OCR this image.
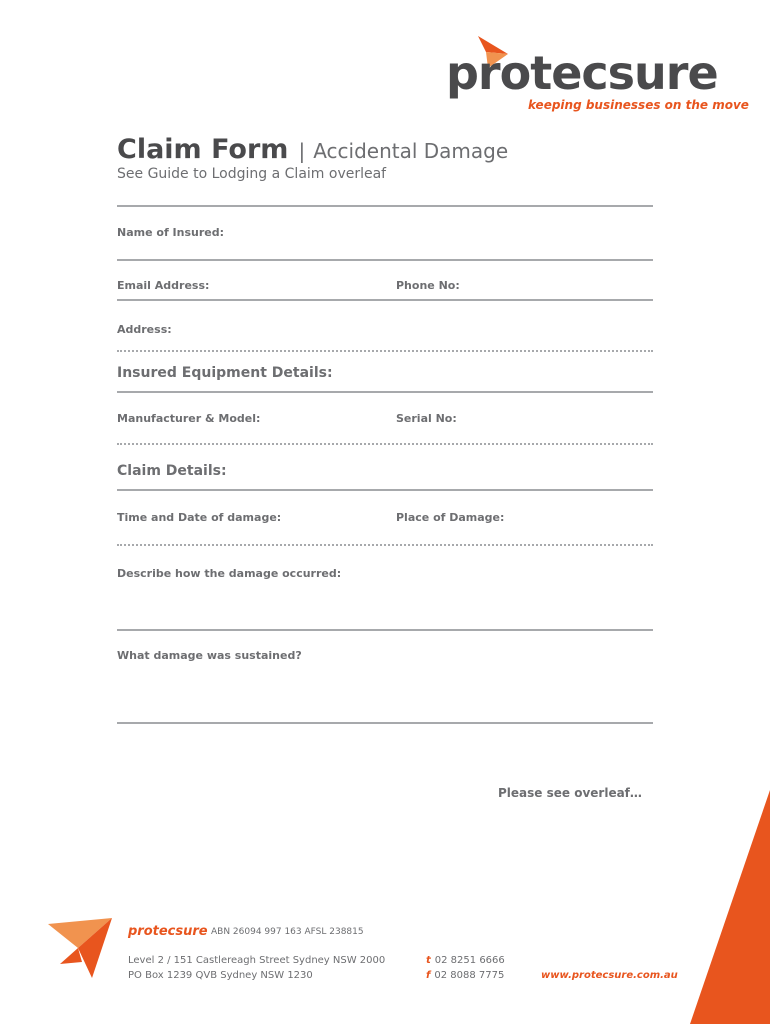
protecsure
keeping businesses on the move
Claim Form | Accidental Damage
See Guide to Lodging a Claim overleaf
Name of Insured:
Email Address:	Phone No:
Address:
Insured Equipment Details:
Manufacturer & Model:	Serial No:
Claim Details:
Time and Date of damage:	Place of Damage:
Describe how the damage occurred:
What damage was sustained?
Please see overleaf…
protecsure ABN 26094 997 163 AFSL 238815
Level 2 / 151 Castlereagh Street Sydney NSW 2000
PO Box 1239 QVB Sydney NSW 1230
t 02 8251 6666
f 02 8088 7775	www.protecsure.com.au
